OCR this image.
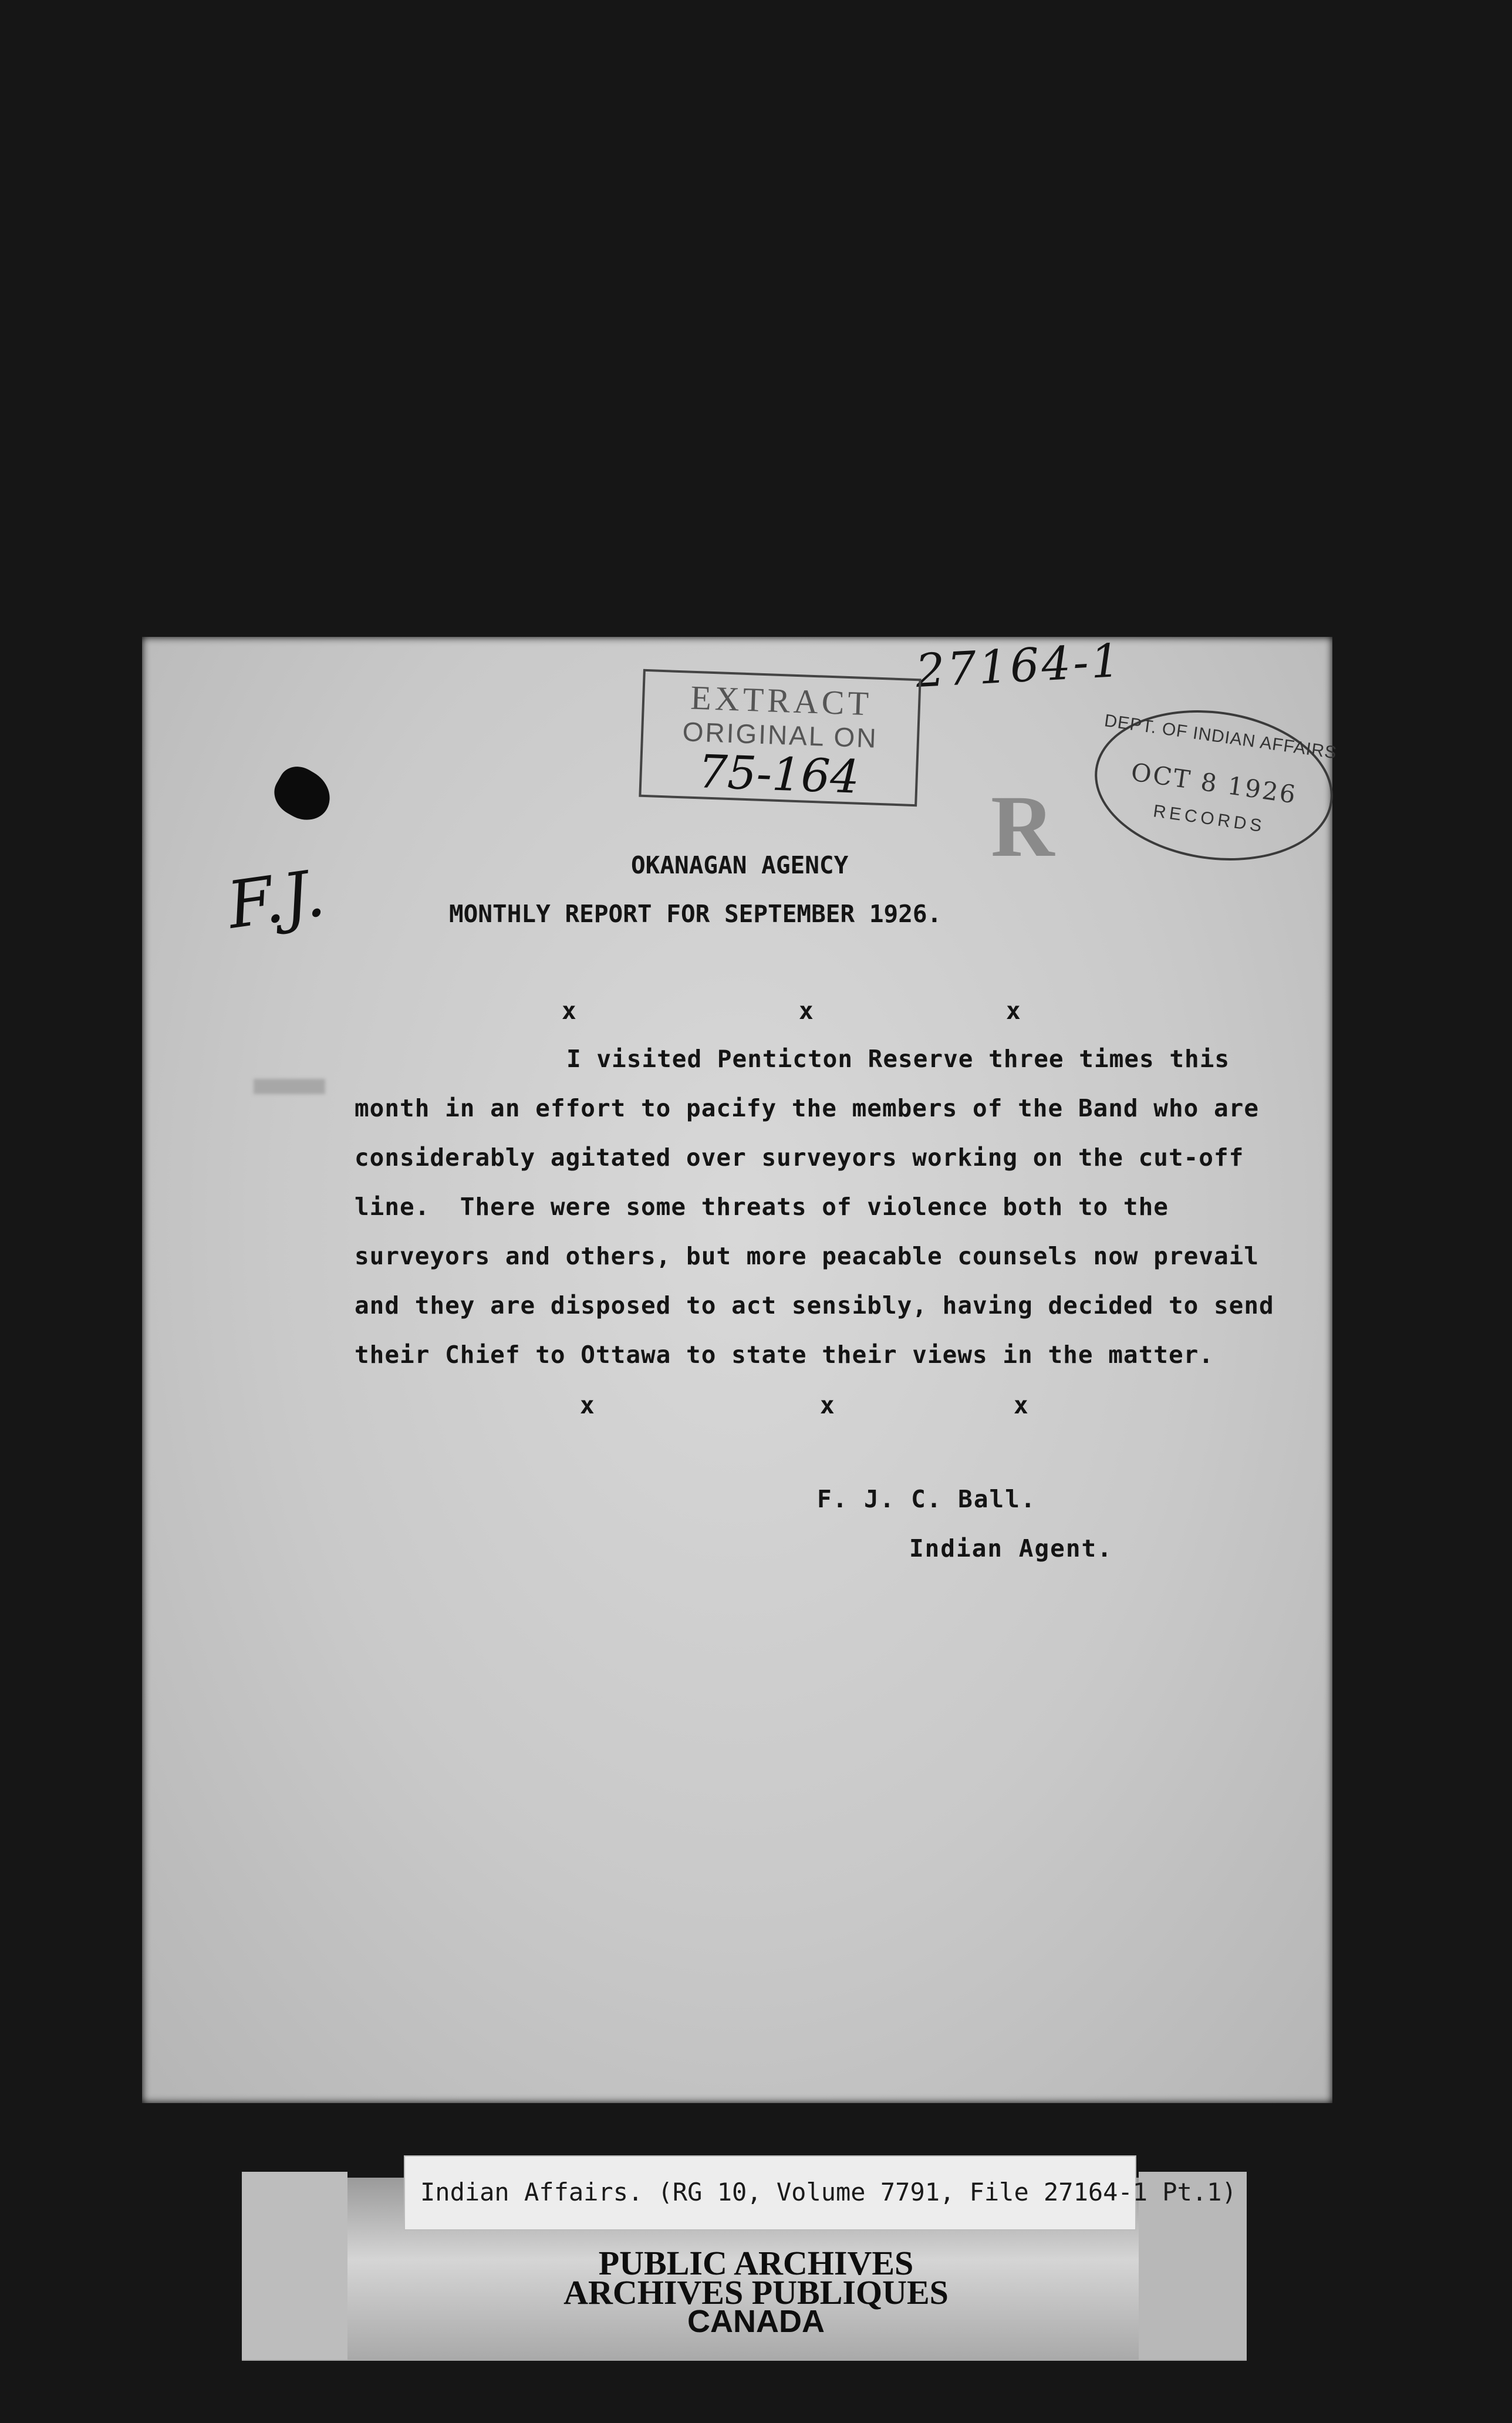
27164-1
EXTRACT
ORIGINAL ON
75-164
DEPT. OF INDIAN AFFAIRS
OCT 8 1926
RECORDS
R
F.J.	OKANAGAN AGENCY
MONTHLY REPORT FOR SEPTEMBER 1926.
x	x	x
I visited Penticton Reserve three times this
month in an effort to pacify the members of the Band who are
considerably agitated over surveyors working on the cut-off
line.  There were some threats of violence both to the
surveyors and others, but more peacable counsels now prevail
and they are disposed to act sensibly, having decided to send
their Chief to Ottawa to state their views in the matter.
x	x	x
F. J. C. Ball.
Indian Agent.
Indian Affairs. (RG 10, Volume 7791, File 27164-1 Pt.1)
PUBLIC ARCHIVES
ARCHIVES PUBLIQUES
CANADA
